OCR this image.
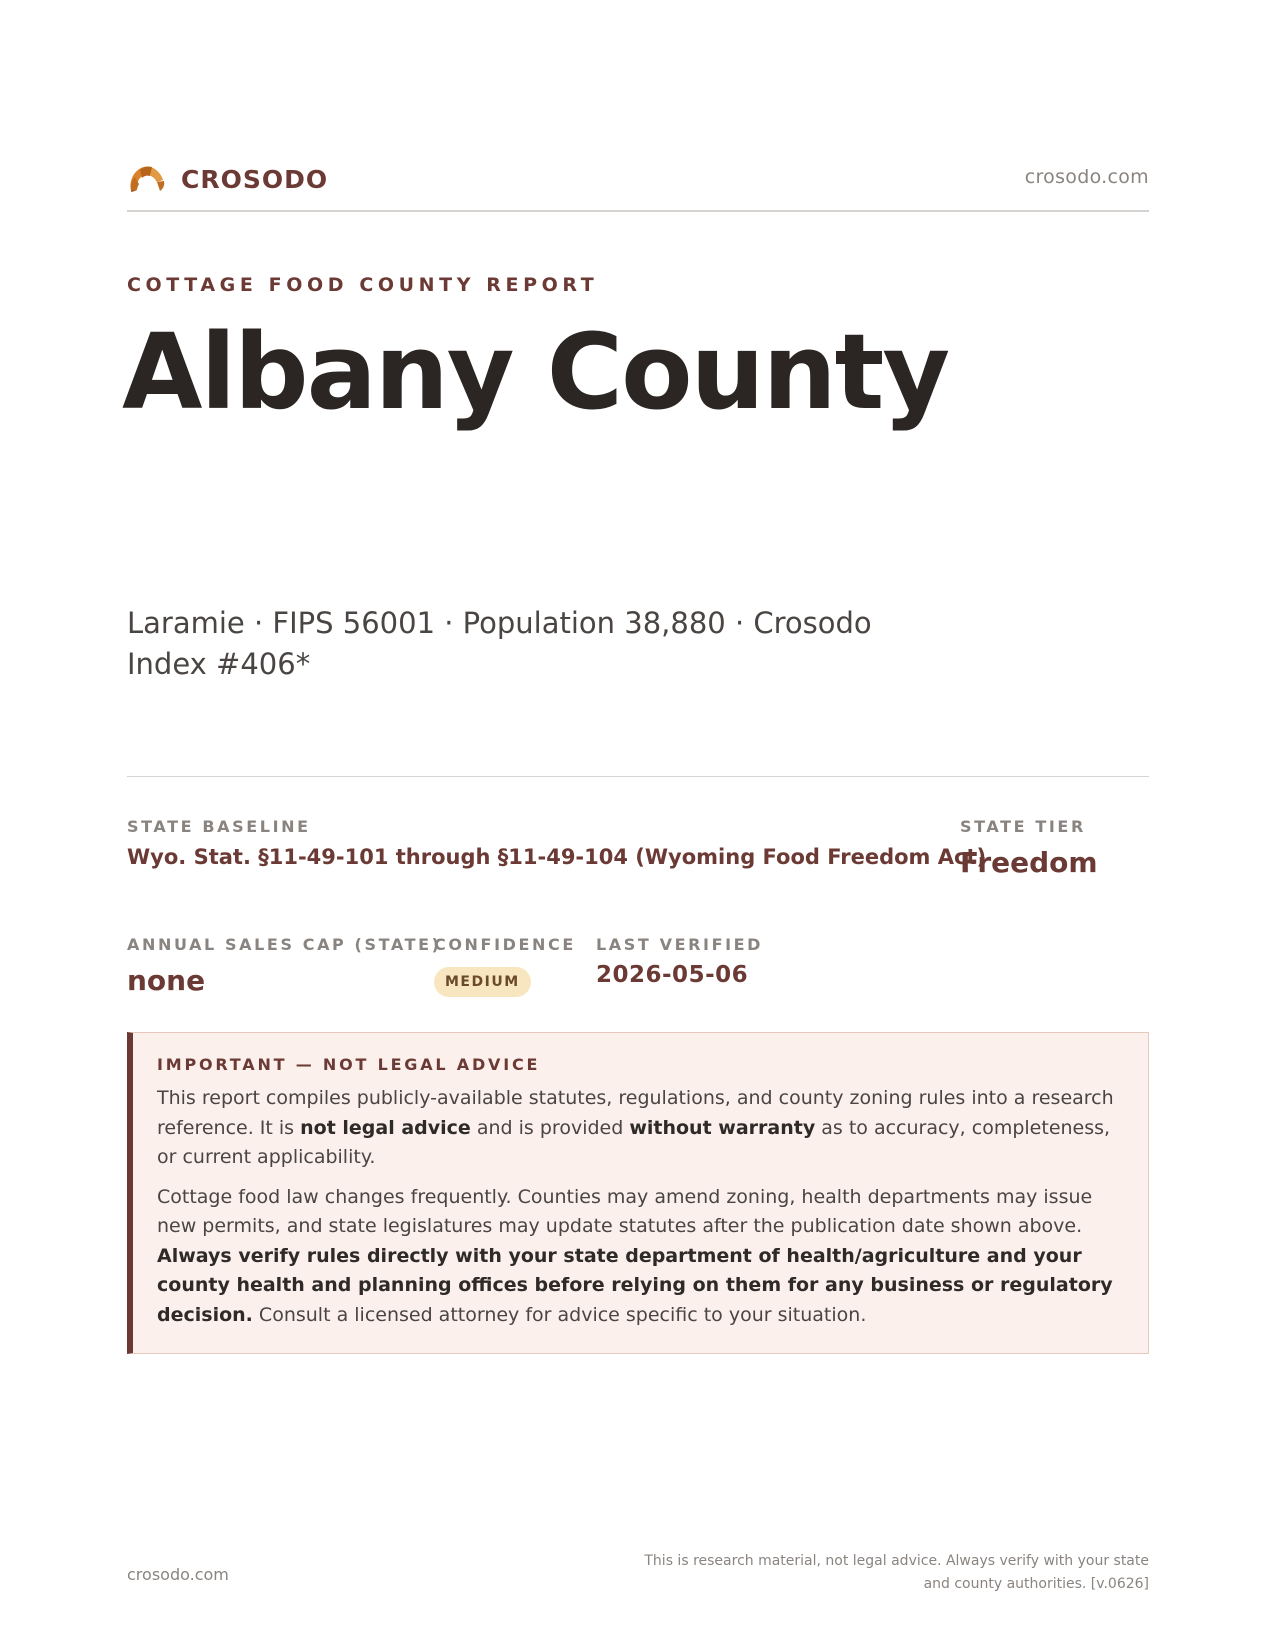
CROSODO	crosodo.com
COTTAGE FOOD COUNTY REPORT
Albany County
Laramie · FIPS 56001 · Population 38,880 · Crosodo Index #406*
STATE BASELINE
Wyo. Stat. §11-49-101 through §11-49-104 (Wyoming Food Freedom Act)
STATE TIER
Freedom
ANNUAL SALES CAP (STATE)
none
CONFIDENCE
MEDIUM
LAST VERIFIED
2026-05-06
IMPORTANT — NOT LEGAL ADVICE

This report compiles publicly-available statutes, regulations, and county zoning rules into a research reference. It is not legal advice and is provided without warranty as to accuracy, completeness, or current applicability.

Cottage food law changes frequently. Counties may amend zoning, health departments may issue new permits, and state legislatures may update statutes after the publication date shown above. Always verify rules directly with your state department of health/agriculture and your county health and planning offices before relying on them for any business or regulatory decision. Consult a licensed attorney for advice specific to your situation.

crosodo.com
This is research material, not legal advice. Always verify with your state and county authorities. [v.0626]
